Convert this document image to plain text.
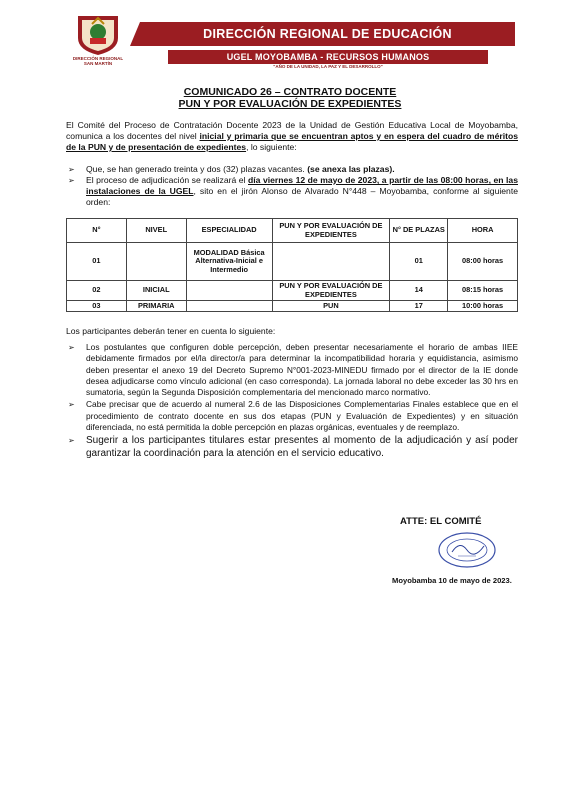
DIRECCIÓN REGIONAL
SAN MARTÍN
DIRECCIÓN REGIONAL DE EDUCACIÓN
UGEL MOYOBAMBA - RECURSOS HUMANOS
"AÑO DE LA UNIDAD, LA PAZ Y EL DESARROLLO"
COMUNICADO 26 – CONTRATO DOCENTE
PUN Y POR EVALUACIÓN DE EXPEDIENTES
El Comité del Proceso de Contratación Docente 2023 de la Unidad de Gestión Educativa Local de Moyobamba, comunica a los docentes del nivel inicial y primaria que se encuentran aptos y en espera del cuadro de méritos de la PUN y de presentación de expedientes, lo siguiente:
➢ Que, se han generado treinta y dos (32) plazas vacantes. (se anexa las plazas).
➢ El proceso de adjudicación se realizará el día viernes 12 de mayo de 2023, a partir de las 08:00 horas, en las instalaciones de la UGEL, sito en el jirón Alonso de Alvarado N°448 – Moyobamba, conforme al siguiente orden:
N°	NIVEL	ESPECIALIDAD	PUN Y POR EVALUACIÓN DE EXPEDIENTES	N° DE PLAZAS	HORA
01		MODALIDAD Básica Alternativa-Inicial e Intermedio		01	08:00 horas
02	INICIAL		PUN Y POR EVALUACIÓN DE EXPEDIENTES	14	08:15 horas
03	PRIMARIA		PUN	17	10:00 horas
Los participantes deberán tener en cuenta lo siguiente:
➢ Los postulantes que configuren doble percepción, deben presentar necesariamente el horario de ambas IIEE debidamente firmados por el/la director/a para determinar la incompatibilidad horaria y equidistancia, asimismo deben presentar el anexo 19 del Decreto Supremo N°001-2023-MINEDU firmado por el director de la IE donde desea adjudicarse como vínculo adicional (en caso corresponda). La jornada laboral no debe exceder las 30 hrs en sumatoria, según la Segunda Disposición complementaria del mencionado marco normativo.
➢ Cabe precisar que de acuerdo al numeral 2.6 de las Disposiciones Complementarias Finales establece que en el procedimiento de contrato docente en sus dos etapas (PUN y Evaluación de Expedientes) y en situación diferenciada, no está permitida la doble percepción en plazas orgánicas, eventuales y de reemplazo.
➢ Sugerir a los participantes titulares estar presentes al momento de la adjudicación y así poder garantizar la coordinación para la atención en el servicio educativo.
ATTE: EL COMITÉ
Moyobamba 10 de mayo de 2023.
